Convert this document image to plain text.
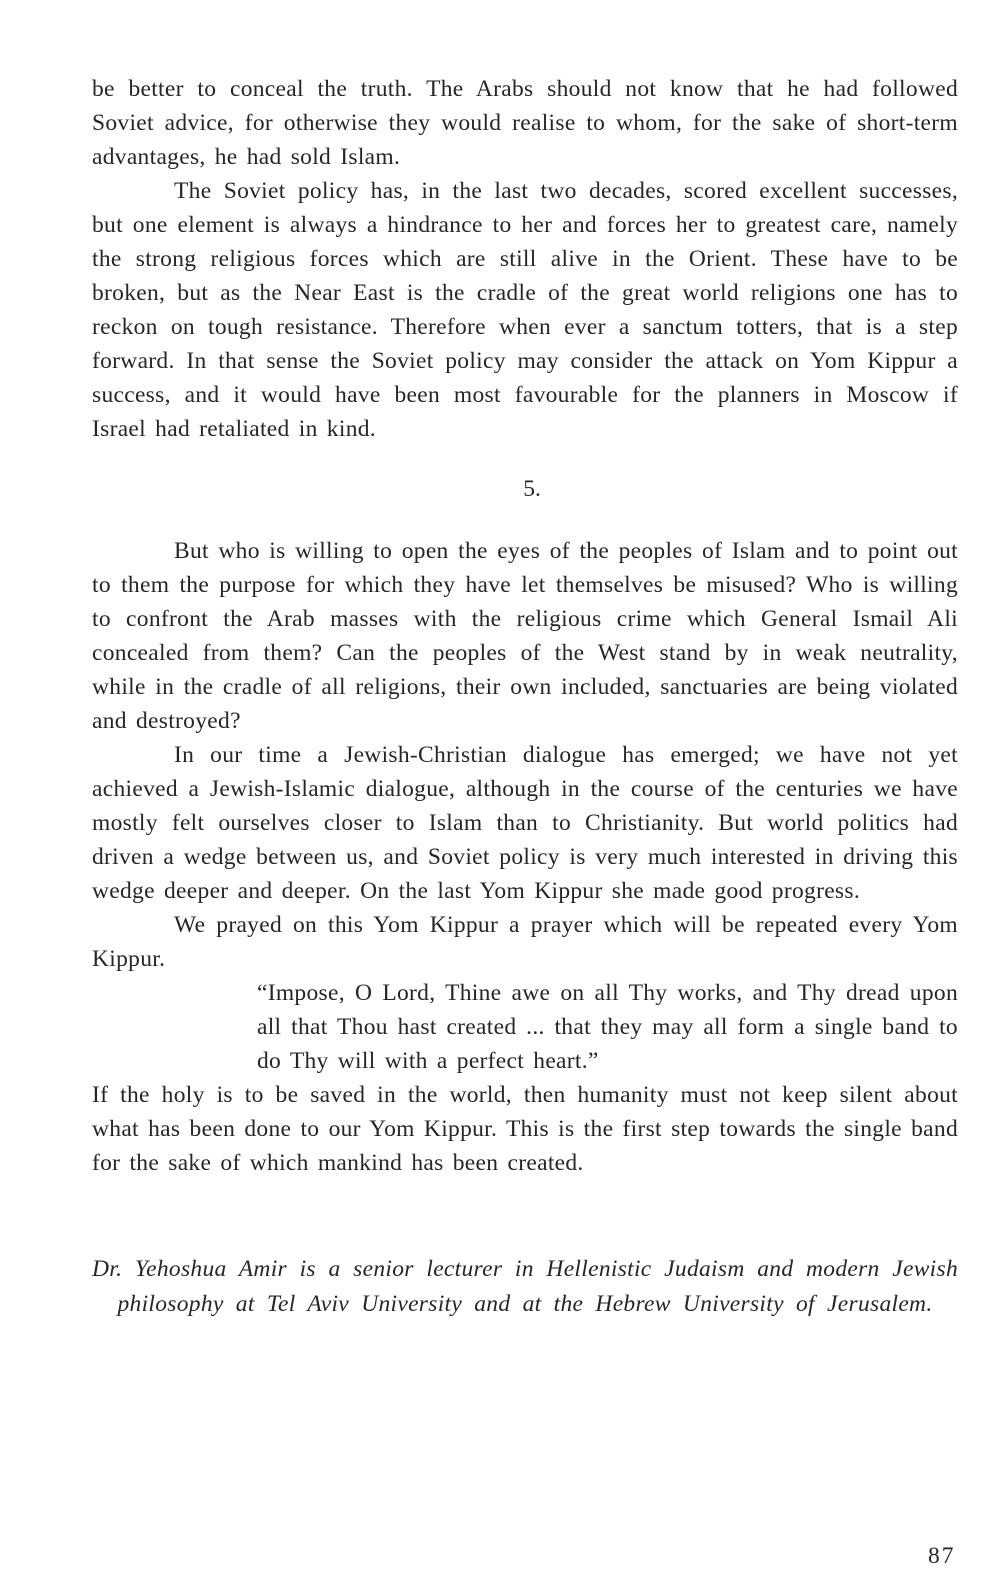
be better to conceal the truth. The Arabs should not know that he had followed Soviet advice, for otherwise they would realise to whom, for the sake of short-term advantages, he had sold Islam.

The Soviet policy has, in the last two decades, scored excellent successes, but one element is always a hindrance to her and forces her to greatest care, namely the strong religious forces which are still alive in the Orient. These have to be broken, but as the Near East is the cradle of the great world religions one has to reckon on tough resistance. Therefore when ever a sanctum totters, that is a step forward. In that sense the Soviet policy may consider the attack on Yom Kippur a success, and it would have been most favourable for the planners in Moscow if Israel had retaliated in kind.

5.

But who is willing to open the eyes of the peoples of Islam and to point out to them the purpose for which they have let themselves be misused? Who is willing to confront the Arab masses with the religious crime which General Ismail Ali concealed from them? Can the peoples of the West stand by in weak neutrality, while in the cradle of all religions, their own included, sanctuaries are being violated and destroyed?

In our time a Jewish-Christian dialogue has emerged; we have not yet achieved a Jewish-Islamic dialogue, although in the course of the centuries we have mostly felt ourselves closer to Islam than to Christianity. But world politics had driven a wedge between us, and Soviet policy is very much interested in driving this wedge deeper and deeper. On the last Yom Kippur she made good progress.

We prayed on this Yom Kippur a prayer which will be repeated every Yom Kippur.

“Impose, O Lord, Thine awe on all Thy works, and Thy dread upon all that Thou hast created ... that they may all form a single band to do Thy will with a perfect heart.”

If the holy is to be saved in the world, then humanity must not keep silent about what has been done to our Yom Kippur. This is the first step towards the single band for the sake of which mankind has been created.

Dr. Yehoshua Amir is a senior lecturer in Hellenistic Judaism and modern Jewish philosophy at Tel Aviv University and at the Hebrew University of Jerusalem.

87
